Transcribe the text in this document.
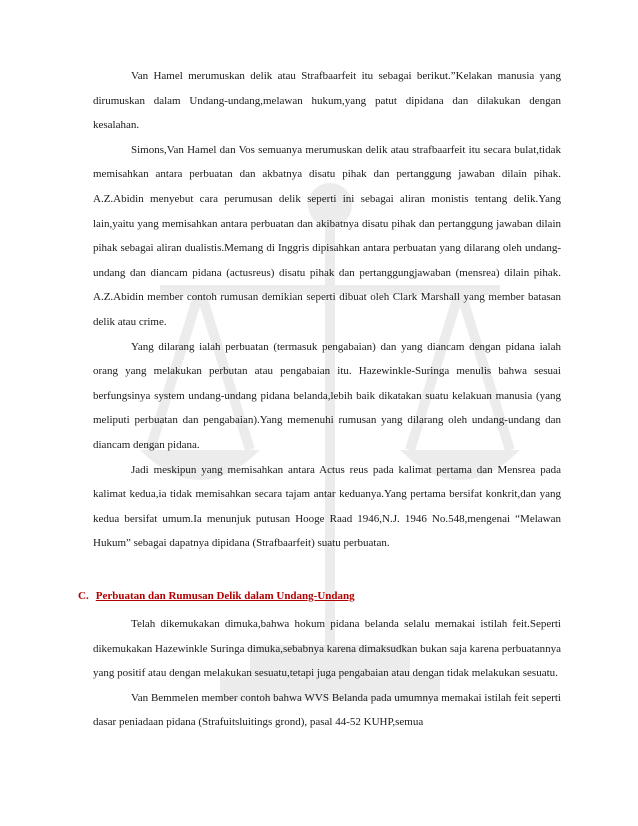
Van Hamel merumuskan delik atau Strafbaarfeit itu sebagai berikut.”Kelakan manusia yang dirumuskan dalam Undang-undang,melawan hukum,yang patut dipidana dan dilakukan dengan kesalahan.

Simons,Van Hamel dan Vos semuanya merumuskan delik atau strafbaarfeit itu secara bulat,tidak memisahkan antara perbuatan dan akbatnya disatu pihak dan pertanggung jawaban dilain pihak. A.Z.Abidin menyebut cara perumusan delik seperti ini sebagai aliran monistis tentang delik.Yang lain,yaitu yang memisahkan antara perbuatan dan akibatnya disatu pihak dan pertanggung jawaban dilain pihak sebagai aliran dualistis.Memang di Inggris dipisahkan antara perbuatan yang dilarang oleh undang-undang dan diancam pidana (actusreus) disatu pihak dan pertanggungjawaban (mensrea) dilain pihak. A.Z.Abidin member contoh rumusan demikian seperti dibuat oleh Clark Marshall yang member batasan delik atau crime.

Yang dilarang ialah perbuatan (termasuk pengabaian) dan yang diancam dengan pidana ialah orang yang melakukan perbutan atau pengabaian itu. Hazewinkle-Suringa menulis bahwa sesuai berfungsinya system undang-undang pidana belanda,lebih baik dikatakan suatu kelakuan manusia (yang meliputi perbuatan dan pengabaian).Yang memenuhi rumusan yang dilarang oleh undang-undang dan diancam dengan pidana.

Jadi meskipun yang memisahkan antara Actus reus pada kalimat pertama dan Mensrea pada kalimat kedua,ia tidak memisahkan secara tajam antar keduanya.Yang pertama bersifat konkrit,dan yang kedua bersifat umum.Ia menunjuk putusan Hooge Raad 1946,N.J. 1946 No.548,mengenai “Melawan Hukum” sebagai dapatnya dipidana (Strafbaarfeit) suatu perbuatan.

C. Perbuatan dan Rumusan Delik dalam Undang-Undang

Telah dikemukakan dimuka,bahwa hokum pidana belanda selalu memakai istilah feit.Seperti dikemukakan Hazewinkle Suringa dimuka,sebabnya karena dimaksudkan bukan saja karena perbuatannya yang positif atau dengan melakukan sesuatu,tetapi juga pengabaian atau dengan tidak melakukan sesuatu.

Van Bemmelen member contoh bahwa WVS Belanda pada umumnya memakai istilah feit seperti dasar peniadaan pidana (Strafuitsluitings grond), pasal 44-52 KUHP,semua
